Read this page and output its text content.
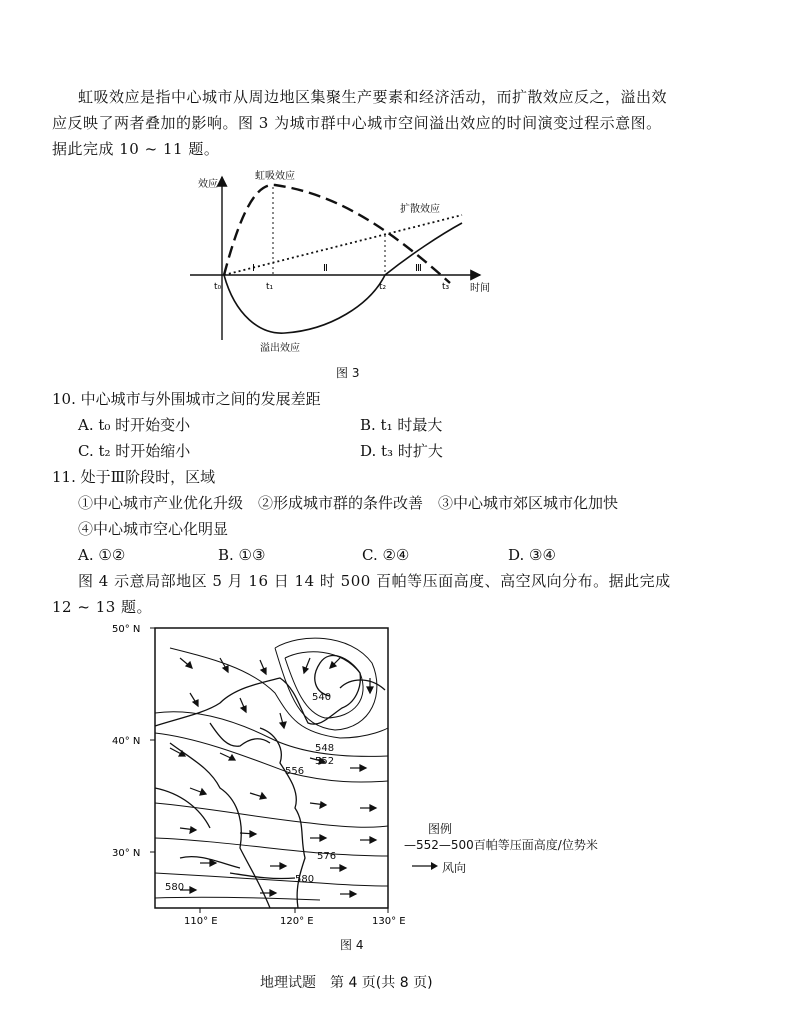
虹吸效应是指中心城市从周边地区集聚生产要素和经济活动，而扩散效应反之，溢出效
应反映了两者叠加的影响。图 3 为城市群中心城市空间溢出效应的时间演变过程示意图。
据此完成 10 ~ 11 题。
效应
时间
虹吸效应
扩散效应
溢出效应
Ⅰ	Ⅱ	Ⅲ
t₀	t₁	t₂	t₃
图 3
10. 中心城市与外围城市之间的发展差距
A. t₀ 时开始变小	B. t₁ 时最大
C. t₂ 时开始缩小	D. t₃ 时扩大
11. 处于Ⅲ阶段时，区域
①中心城市产业优化升级　②形成城市群的条件改善　③中心城市郊区城市化加快
④中心城市空心化明显
A. ①②	B. ①③	C. ②④	D. ③④
图 4 示意局部地区 5 月 16 日 14 时 500 百帕等压面高度、高空风向分布。据此完成
12 ~ 13 题。
50° N
40° N
30° N
110° E	120° E	130° E
540
548
552
556
576
580
580
图例
—552—500百帕等压面高度/位势米
风向
图 4
地理试题　第 4 页(共 8 页)
